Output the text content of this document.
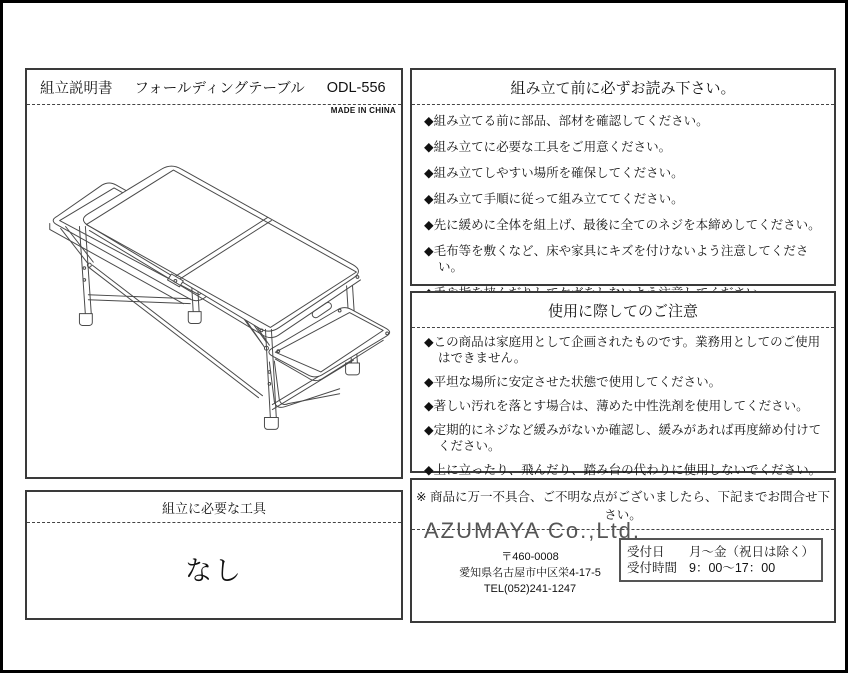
組立説明書 フォールディングテーブル ODL-556
MADE IN CHINA
組み立て前に必ずお読み下さい。
◆組み立てる前に部品、部材を確認してください。
◆組み立てに必要な工具をご用意ください。
◆組み立てしやすい場所を確保してください。
◆組み立て手順に従って組み立ててください。
◆先に緩めに全体を組上げ、最後に全てのネジを本締めしてください。
◆毛布等を敷くなど、床や家具にキズを付けないよう注意してください。
使用に際してのご注意
◆この商品は家庭用として企画されたものです。業務用としてのご使用はできません。
◆平坦な場所に安定させた状態で使用してください。
◆著しい汚れを落とす場合は、薄めた中性洗剤を使用してください。
◆定期的にネジなど緩みがないか確認し、緩みがあれば再度締め付けてください。
◆上に立ったり、飛んだり、踏み台の代わりに使用しないでください。
組立に必要な工具
なし
※ 商品に万一不具合、ご不明な点がございましたら、下記までお問合せ下さい。
AZUMAYA Co.,Ltd.
〒460-0008
愛知県名古屋市中区栄4-17-5
TEL(052)241-1247
受付日	月～金（祝日は除く）
受付時間 9：00～17：00
